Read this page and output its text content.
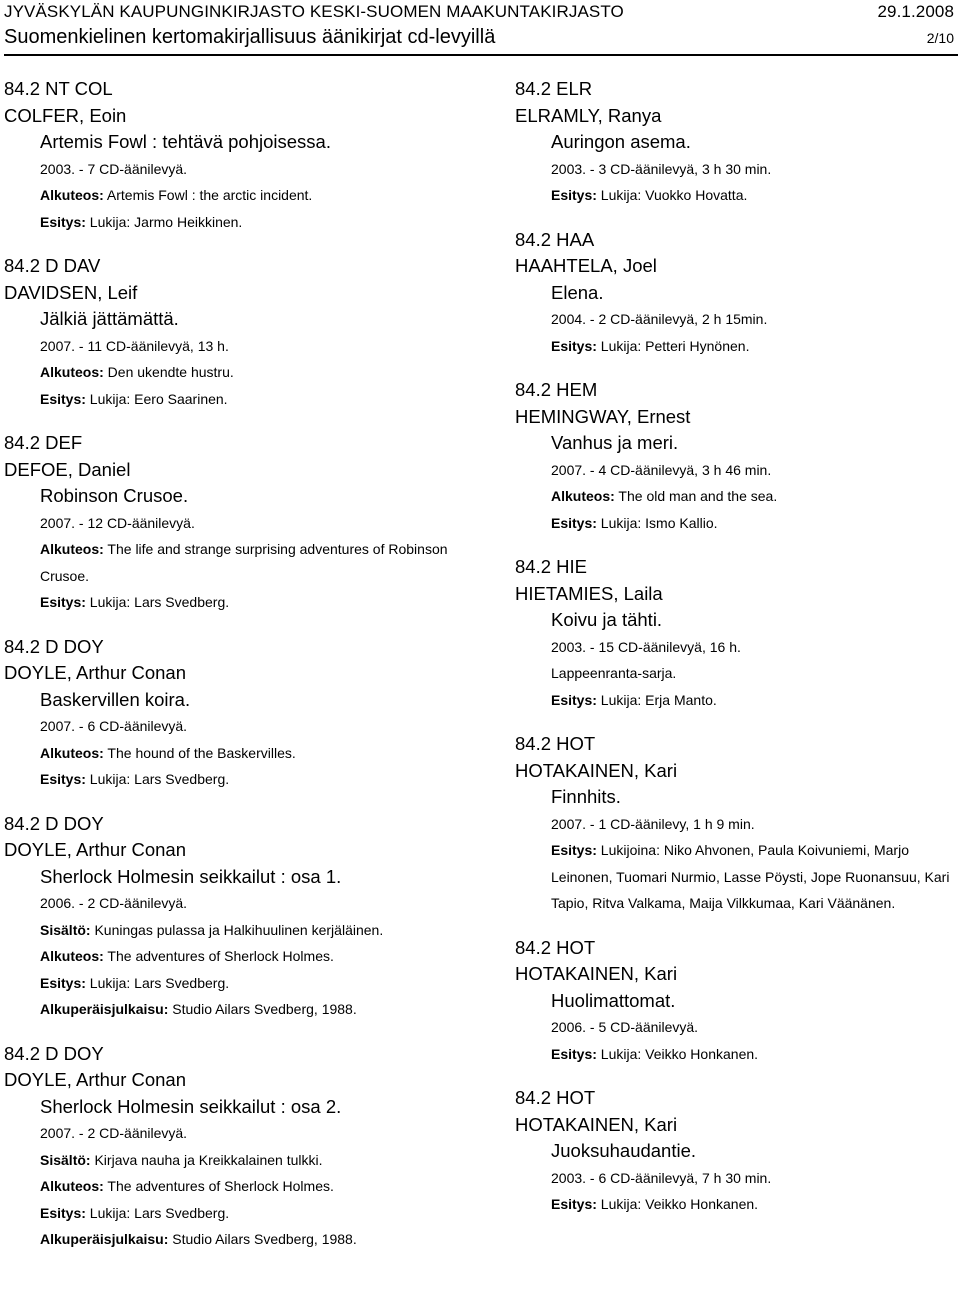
JYVÄSKYLÄN KAUPUNGINKIRJASTO KESKI-SUOMEN MAAKUNTAKIRJASTO	29.1.2008
Suomenkielinen kertomakirjallisuus äänikirjat cd-levyillä	2/10
84.2 NT COL
COLFER, Eoin
Artemis Fowl : tehtävä pohjoisessa.
2003. - 7 CD-äänilevyä.
Alkuteos: Artemis Fowl : the arctic incident.
Esitys: Lukija: Jarmo Heikkinen.
84.2 D DAV
DAVIDSEN, Leif
Jälkiä jättämättä.
2007. - 11 CD-äänilevyä, 13 h.
Alkuteos: Den ukendte hustru.
Esitys: Lukija: Eero Saarinen.
84.2 DEF
DEFOE, Daniel
Robinson Crusoe.
2007. - 12 CD-äänilevyä.
Alkuteos: The life and strange surprising adventures of Robinson Crusoe.
Esitys: Lukija: Lars Svedberg.
84.2 D DOY
DOYLE, Arthur Conan
Baskervillen koira.
2007. - 6 CD-äänilevyä.
Alkuteos: The hound of the Baskervilles.
Esitys: Lukija: Lars Svedberg.
84.2 D DOY
DOYLE, Arthur Conan
Sherlock Holmesin seikkailut : osa 1.
2006. - 2 CD-äänilevyä.
Sisältö: Kuningas pulassa ja Halkihuulinen kerjäläinen.
Alkuteos: The adventures of Sherlock Holmes.
Esitys: Lukija: Lars Svedberg.
Alkuperäisjulkaisu: Studio Ailars Svedberg, 1988.
84.2 D DOY
DOYLE, Arthur Conan
Sherlock Holmesin seikkailut : osa 2.
2007. - 2 CD-äänilevyä.
Sisältö: Kirjava nauha ja Kreikkalainen tulkki.
Alkuteos: The adventures of Sherlock Holmes.
Esitys: Lukija: Lars Svedberg.
Alkuperäisjulkaisu: Studio Ailars Svedberg, 1988.
84.2 ELR
ELRAMLY, Ranya
Auringon asema.
2003. - 3 CD-äänilevyä, 3 h 30 min.
Esitys: Lukija: Vuokko Hovatta.
84.2 HAA
HAAHTELA, Joel
Elena.
2004. - 2 CD-äänilevyä, 2 h 15min.
Esitys: Lukija: Petteri Hynönen.
84.2 HEM
HEMINGWAY, Ernest
Vanhus ja meri.
2007. - 4 CD-äänilevyä, 3 h 46 min.
Alkuteos: The old man and the sea.
Esitys: Lukija: Ismo Kallio.
84.2 HIE
HIETAMIES, Laila
Koivu ja tähti.
2003. - 15 CD-äänilevyä, 16 h.
Lappeenranta-sarja.
Esitys: Lukija: Erja Manto.
84.2 HOT
HOTAKAINEN, Kari
Finnhits.
2007. - 1 CD-äänilevy, 1 h 9 min.
Esitys: Lukijoina: Niko Ahvonen, Paula Koivuniemi, Marjo Leinonen, Tuomari Nurmio, Lasse Pöysti, Jope Ruonansuu, Kari Tapio, Ritva Valkama, Maija Vilkkumaa, Kari Väänänen.
84.2 HOT
HOTAKAINEN, Kari
Huolimattomat.
2006. - 5 CD-äänilevyä.
Esitys: Lukija: Veikko Honkanen.
84.2 HOT
HOTAKAINEN, Kari
Juoksuhaudantie.
2003. - 6 CD-äänilevyä, 7 h 30 min.
Esitys: Lukija: Veikko Honkanen.
